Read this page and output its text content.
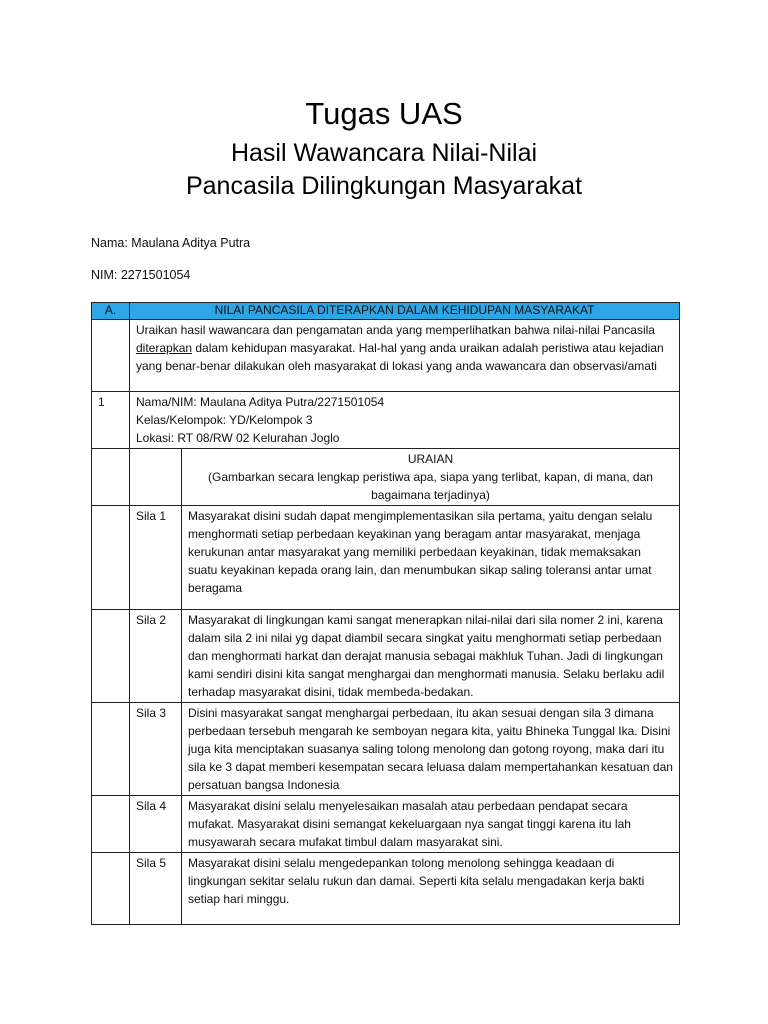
Tugas UAS
Hasil Wawancara Nilai-Nilai
Pancasila Dilingkungan Masyarakat
Nama: Maulana Aditya Putra
NIM: 2271501054
A.	NILAI PANCASILA DITERAPKAN DALAM KEHIDUPAN MASYARAKAT	
	Uraikan hasil wawancara dan pengamatan anda yang memperlihatkan bahwa nilai-nilai Pancasila diterapkan dalam kehidupan masyarakat. Hal-hal yang anda uraikan adalah peristiwa atau kejadian yang benar-benar dilakukan oleh masyarakat di lokasi yang anda wawancara dan observasi/amati	
1	Nama/NIM: Maulana Aditya Putra/2271501054
Kelas/Kelompok: YD/Kelompok 3
Lokasi: RT 08/RW 02 Kelurahan Joglo	

		URAIAN
(Gambarkan secara lengkap peristiwa apa, siapa yang terlibat, kapan, di mana, dan bagaimana terjadinya)

	Sila 1	Masyarakat disini sudah dapat mengimplementasikan sila pertama, yaitu dengan selalu menghormati setiap perbedaan keyakinan yang beragam antar masyarakat, menjaga kerukunan antar masyarakat yang memiliki perbedaan keyakinan, tidak memaksakan suatu keyakinan kepada orang lain, dan menumbukan sikap saling toleransi antar umat beragama
	Sila 2	Masyarakat di lingkungan kami sangat menerapkan nilai-nilai dari sila nomer 2 ini, karena dalam sila 2 ini nilai yg dapat diambil secara singkat yaitu menghormati setiap perbedaan dan menghormati harkat dan derajat manusia sebagai makhluk Tuhan. Jadi di lingkungan kami sendiri disini kita sangat menghargai dan menghormati manusia. Selaku berlaku adil terhadap masyarakat disini, tidak membeda-bedakan.
	Sila 3	Disini masyarakat sangat menghargai perbedaan, itu akan sesuai dengan sila 3 dimana perbedaan tersebuh mengarah ke semboyan negara kita, yaitu Bhineka Tunggal Ika. Disini juga kita menciptakan suasanya saling tolong menolong dan gotong royong, maka dari itu sila ke 3 dapat memberi kesempatan secara leluasa dalam mempertahankan kesatuan dan persatuan bangsa Indonesia
	Sila 4	Masyarakat disini selalu menyelesaikan masalah atau perbedaan pendapat secara mufakat. Masyarakat disini semangat kekeluargaan nya sangat tinggi karena itu lah musyawarah secara mufakat timbul dalam masyarakat sini.
	Sila 5	Masyarakat disini selalu mengedepankan tolong menolong sehingga keadaan di lingkungan sekitar selalu rukun dan damai. Seperti kita selalu mengadakan kerja bakti setiap hari minggu.
